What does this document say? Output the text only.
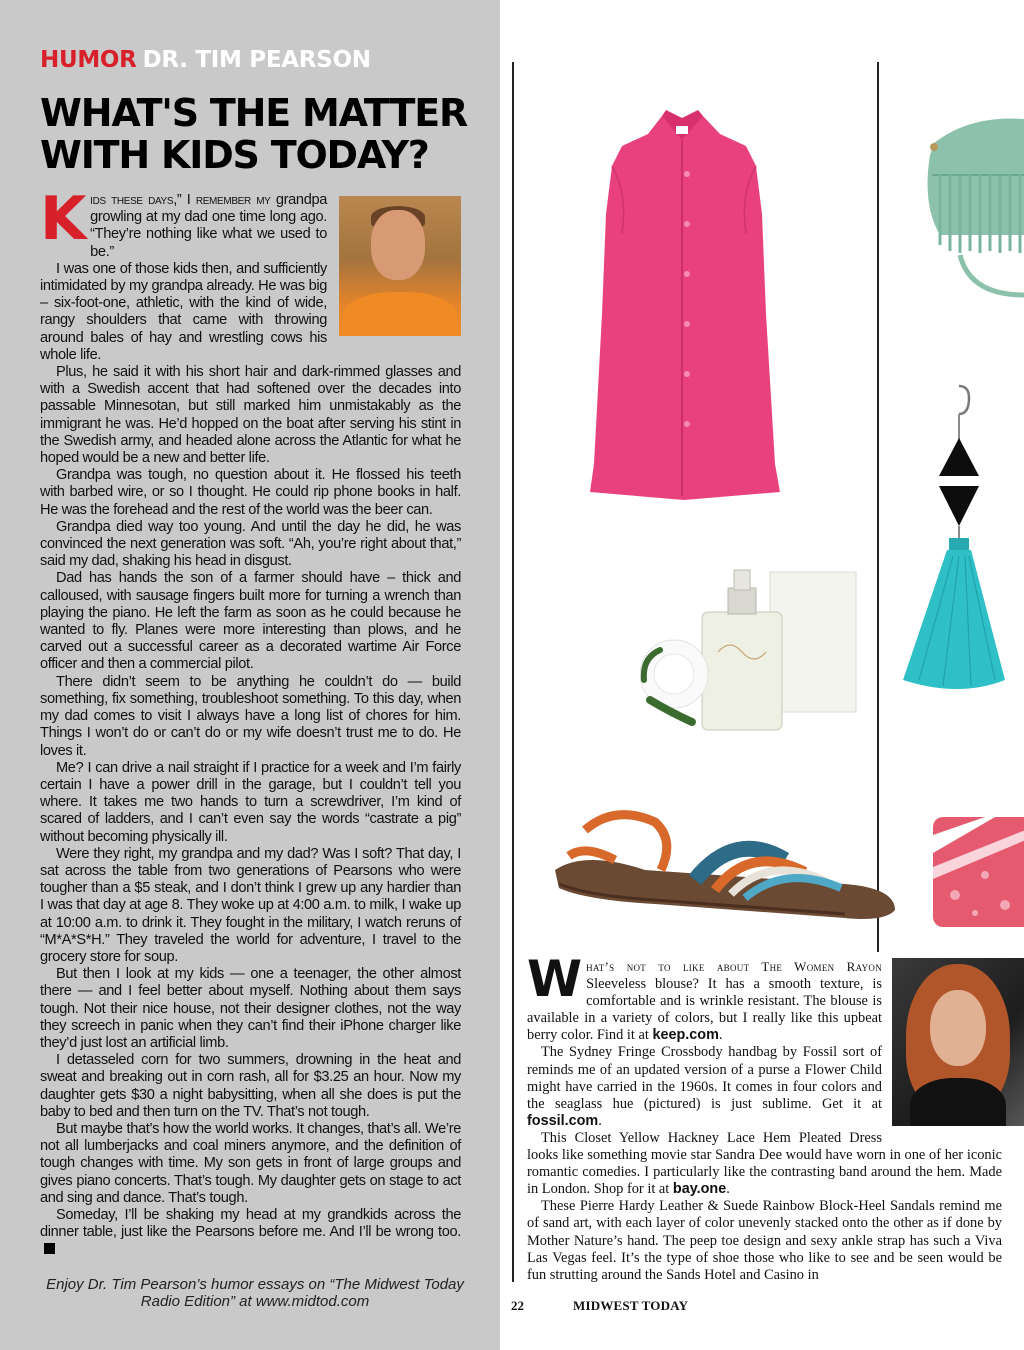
HUMOR DR. TIM PEARSON
WHAT'S THE MATTER WITH KIDS TODAY?

Kids these days,” I remember my grandpa growling at my dad one time long ago. “They’re nothing like what we used to be.”

I was one of those kids then, and sufficiently intimidated by my grandpa already. He was big – six-foot-one, athletic, with the kind of wide, rangy shoulders that came with throwing around bales of hay and wrestling cows his whole life.

Plus, he said it with his short hair and dark-rimmed glasses and with a Swedish accent that had softened over the decades into passable Minnesotan, but still marked him unmistakably as the immigrant he was. He’d hopped on the boat after serving his stint in the Swedish army, and headed alone across the Atlantic for what he hoped would be a new and better life.

Grandpa was tough, no question about it. He flossed his teeth with barbed wire, or so I thought. He could rip phone books in half. He was the forehead and the rest of the world was the beer can.

Grandpa died way too young. And until the day he did, he was convinced the next generation was soft. “Ah, you’re right about that,” said my dad, shaking his head in disgust.

Dad has hands the son of a farmer should have – thick and calloused, with sausage fingers built more for turning a wrench than playing the piano. He left the farm as soon as he could because he wanted to fly. Planes were more interesting than plows, and he carved out a successful career as a decorated wartime Air Force officer and then a commercial pilot.

There didn’t seem to be anything he couldn’t do — build something, fix something, troubleshoot something. To this day, when my dad comes to visit I always have a long list of chores for him. Things I won’t do or can’t do or my wife doesn’t trust me to do. He loves it.

Me? I can drive a nail straight if I practice for a week and I’m fairly certain I have a power drill in the garage, but I couldn’t tell you where. It takes me two hands to turn a screwdriver, I’m kind of scared of ladders, and I can’t even say the words “castrate a pig” without becoming physically ill.

Were they right, my grandpa and my dad? Was I soft? That day, I sat across the table from two generations of Pearsons who were tougher than a $5 steak, and I don’t think I grew up any hardier than I was that day at age 8. They woke up at 4:00 a.m. to milk, I wake up at 10:00 a.m. to drink it. They fought in the military, I watch reruns of “M*A*S*H.” They traveled the world for adventure, I travel to the grocery store for soup.

But then I look at my kids — one a teenager, the other almost there — and I feel better about myself. Nothing about them says tough. Not their nice house, not their designer clothes, not the way they screech in panic when they can’t find their iPhone charger like they’d just lost an artificial limb.

I detasseled corn for two summers, drowning in the heat and sweat and breaking out in corn rash, all for $3.25 an hour. Now my daughter gets $30 a night babysitting, when all she does is put the baby to bed and then turn on the TV. That’s not tough.

But maybe that’s how the world works. It changes, that’s all. We’re not all lumberjacks and coal miners anymore, and the definition of tough changes with time. My son gets in front of large groups and gives piano concerts. That’s tough. My daughter gets on stage to act and sing and dance. That’s tough.

Someday, I’ll be shaking my head at my grandkids across the dinner table, just like the Pearsons before me. And I’ll be wrong too.

Enjoy Dr. Tim Pearson’s humor essays on “The Midwest Today Radio Edition” at www.midtod.com

What’s not to like about The Women Rayon Sleeveless blouse? It has a smooth texture, is comfortable and is wrinkle resistant. The blouse is available in a variety of colors, but I really like this upbeat berry color. Find it at keep.com.

The Sydney Fringe Crossbody handbag by Fossil sort of reminds me of an updated version of a purse a Flower Child might have carried in the 1960s. It comes in four colors and the seaglass hue (pictured) is just sublime. Get it at fossil.com.

This Closet Yellow Hackney Lace Hem Pleated Dress looks like something movie star Sandra Dee would have worn in one of her iconic romantic comedies. I particularly like the contrasting band around the hem. Made in London. Shop for it at bay.one.

These Pierre Hardy Leather & Suede Rainbow Block-Heel Sandals remind me of sand art, with each layer of color unevenly stacked onto the other as if done by Mother Nature’s hand. The peep toe design and sexy ankle strap has such a Viva Las Vegas feel. It’s the type of shoe those who like to see and be seen would be fun strutting around the Sands Hotel and Casino in

22	MIDWEST TODAY
